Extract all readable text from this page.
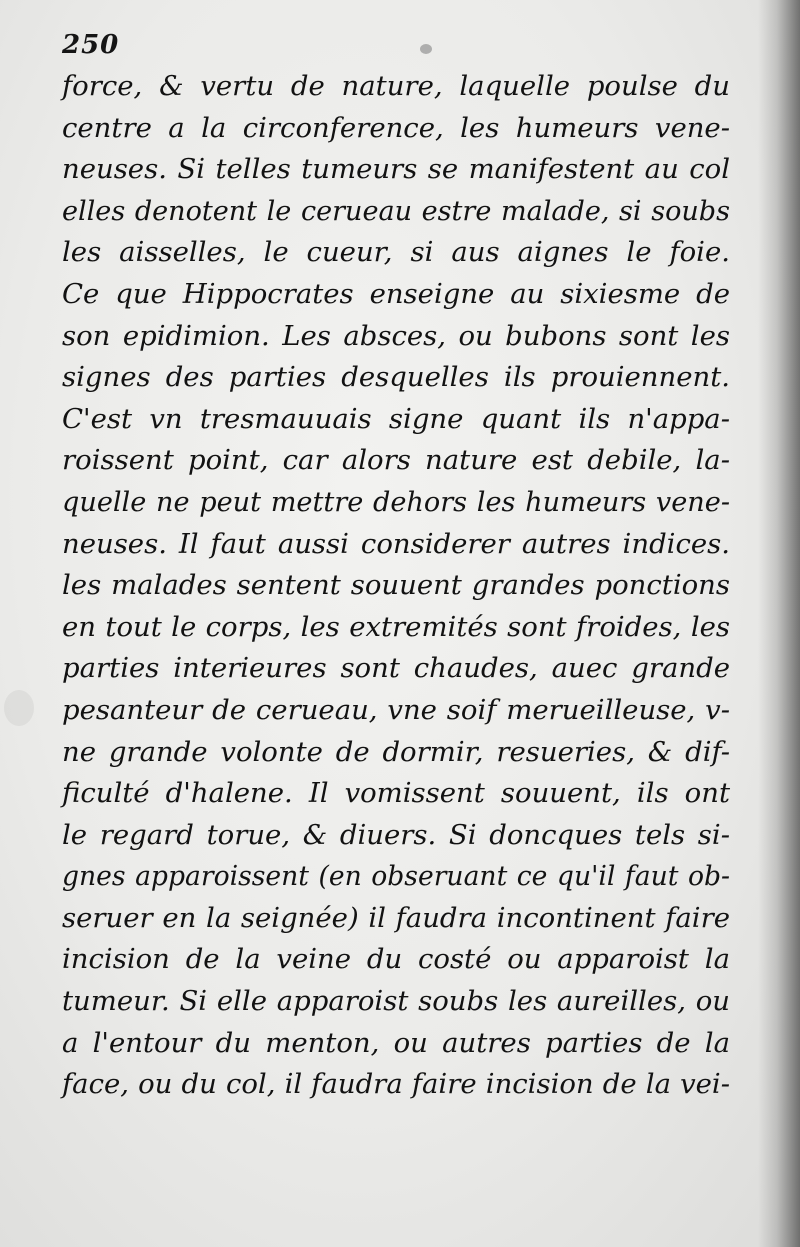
250
force, & vertu de nature, laquelle poulse du
centre a la circonference, les humeurs vene-
neuses. Si telles tumeurs se manifestent au col
elles denotent le cerueau estre malade, si soubs
les aisselles, le cueur, si aus aignes le foie.
Ce que Hippocrates enseigne au sixiesme de
son epidimion. Les absces, ou bubons sont les
signes des parties desquelles ils prouiennent.
C'est vn tresmauuais signe quant ils n'appa-
roissent point, car alors nature est debile, la-
quelle ne peut mettre dehors les humeurs vene-
neuses. Il faut aussi considerer autres indices.
les malades sentent souuent grandes ponctions
en tout le corps, les extremités sont froides, les
parties interieures sont chaudes, auec grande
pesanteur de cerueau, vne soif merueilleuse, v-
ne grande volonte de dormir, resueries, & dif-
ficulté d'halene. Il vomissent souuent, ils ont
le regard torue, & diuers. Si doncques tels si-
gnes apparoissent (en obseruant ce qu'il faut ob-
seruer en la seignée) il faudra incontinent faire
incision de la veine du costé ou apparoist la
tumeur. Si elle apparoist soubs les aureilles, ou
a l'entour du menton, ou autres parties de la
face, ou du col, il faudra faire incision de la vei-
